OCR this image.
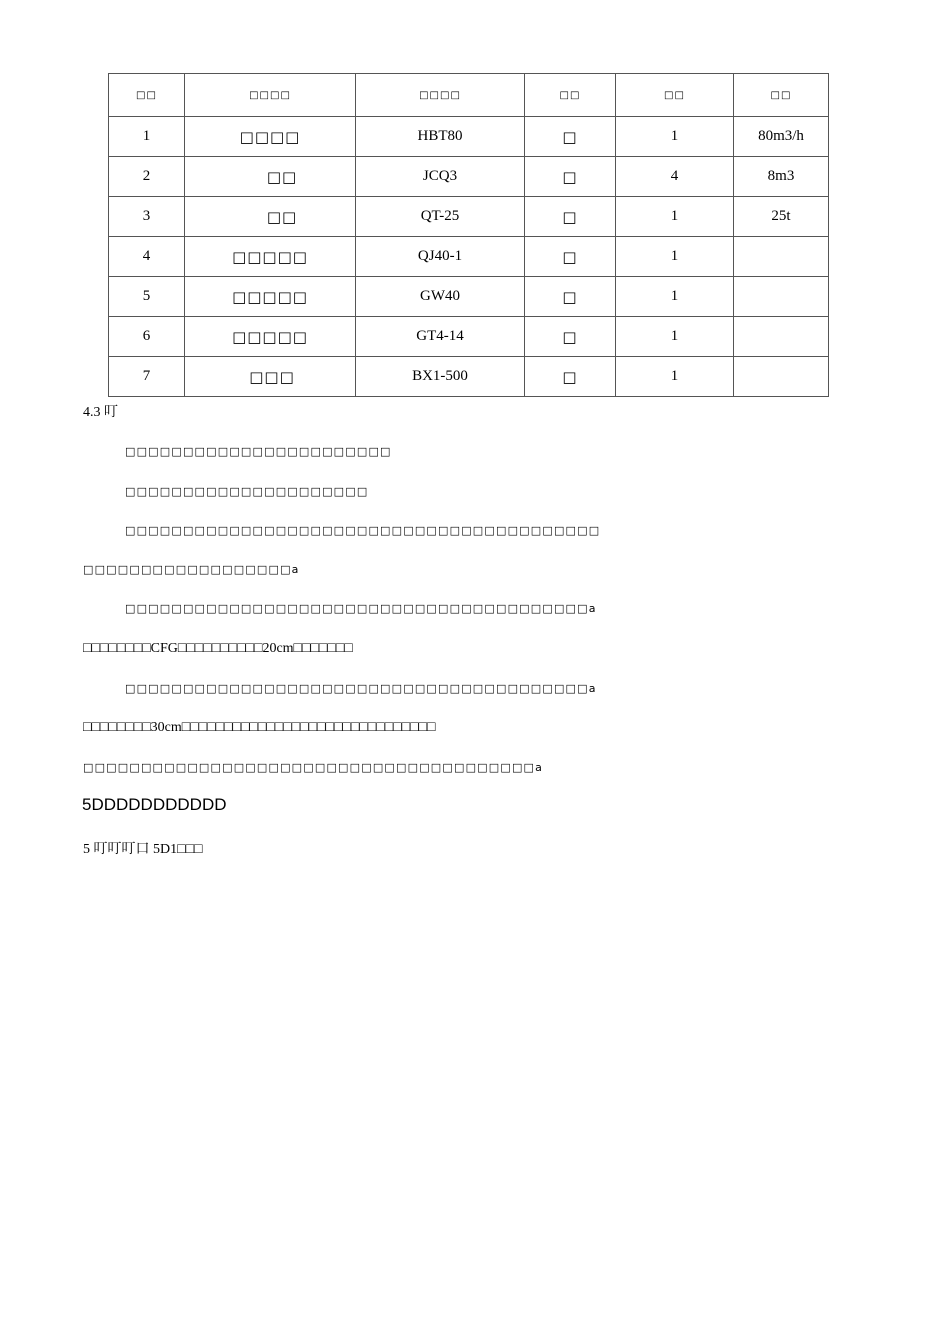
□□	□□□□	□□□□	□□	□□	□□
1	□□□□	HBT80	□	1	80m3/h
2	□□	JCQ3	□	4	8m3
3	□□	QT-25	□	1	25t
4	□□□□□	QJ40-1	□	1	
5	□□□□□	GW40	□	1	
6	□□□□□	GT4-14	□	1	
7	□□□	BX1-500	□	1	
4.3 叮
□□□□□□□□□□□□□□□□□□□□□□□
□□□□□□□□□□□□□□□□□□□□□
□□□□□□□□□□□□□□□□□□□□□□□□□□□□□□□□□□□□□□□□□
□□□□□□□□□□□□□□□□□□a
□□□□□□□□□□□□□□□□□□□□□□□□□□□□□□□□□□□□□□□□a
□□□□□□□□CFG□□□□□□□□□□20cm□□□□□□□
□□□□□□□□□□□□□□□□□□□□□□□□□□□□□□□□□□□□□□□□a
□□□□□□□□30cm□□□□□□□□□□□□□□□□□□□□□□□□□□□□□□
□□□□□□□□□□□□□□□□□□□□□□□□□□□□□□□□□□□□□□□a
5DDDDDDDDDDD
5 叮叮叮口 5D1□□□
